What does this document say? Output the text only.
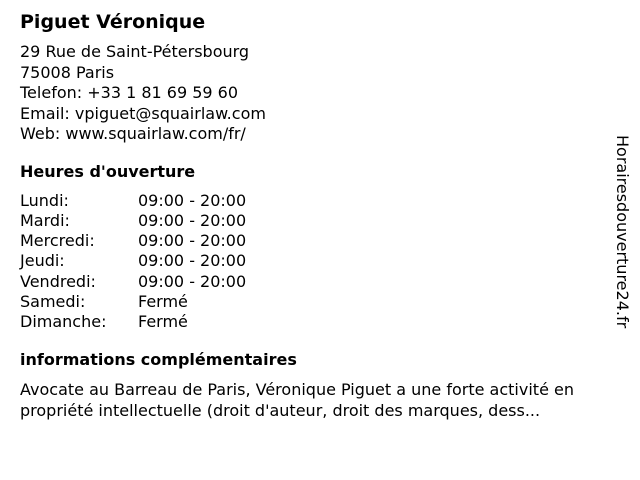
Piguet Véronique
29 Rue de Saint-Pétersbourg
75008 Paris
Telefon: +33 1 81 69 59 60
Email: vpiguet@squairlaw.com
Web: www.squairlaw.com/fr/
Heures d'ouverture
Lundi:	09:00 - 20:00
Mardi:	09:00 - 20:00
Mercredi:	09:00 - 20:00
Jeudi:	09:00 - 20:00
Vendredi:	09:00 - 20:00
Samedi:	Fermé
Dimanche:	Fermé
informations complémentaires
Avocate au Barreau de Paris, Véronique Piguet a une forte activité en propriété intellectuelle (droit d'auteur, droit des marques, dess...
Horairesdouverture24.fr
